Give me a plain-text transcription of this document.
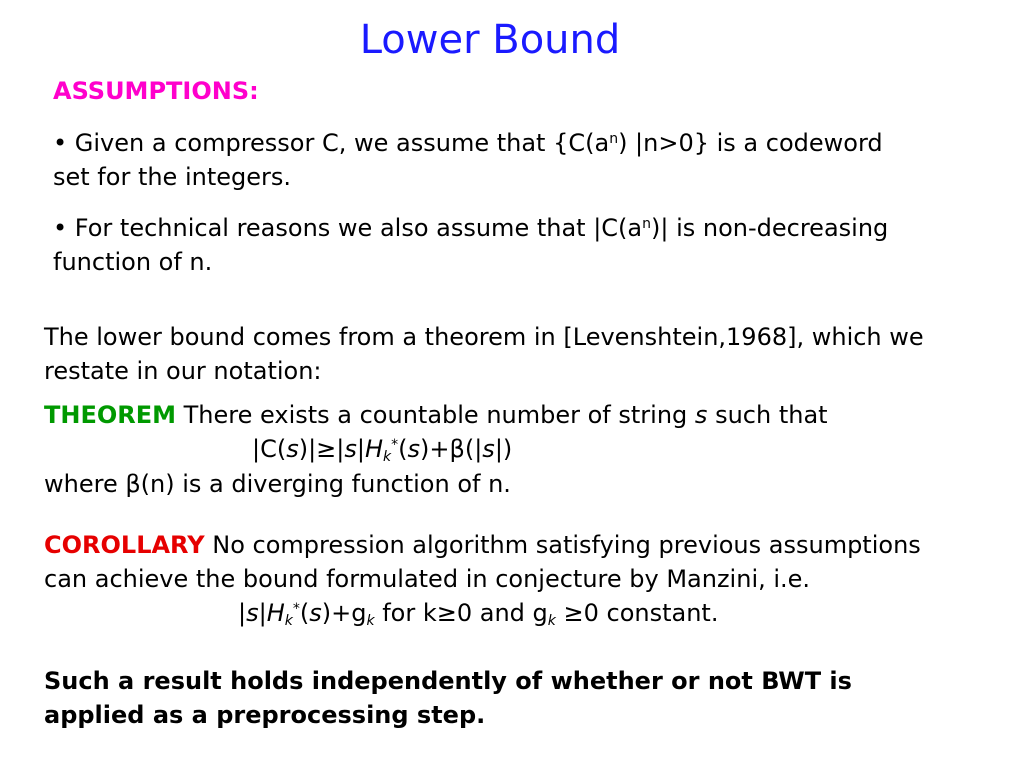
Lower Bound
ASSUMPTIONS:
• Given a compressor C, we assume that {$C(a^n)$ |n>0} is a codeword
set for the integers.
• For technical reasons we also assume that $|C(a^n)|$ is non-decreasing
function of n.
The lower bound comes from a theorem in [Levenshtein,1968], which we
restate in our notation:
THEOREM There exists a countable number of string s such that
$|C(s)|\ge|s|H_k^*(s)+\beta(|s|)$
where β(n) is a diverging function of n.
COROLLARY No compression algorithm satisfying previous assumptions
can achieve the bound formulated in conjecture by Manzini, i.e.
$|s|H_k^*(s)+g_k$ for k≥0 and $g_k \ge 0$ constant.
Such a result holds independently of whether or not BWT is
applied as a preprocessing step.
